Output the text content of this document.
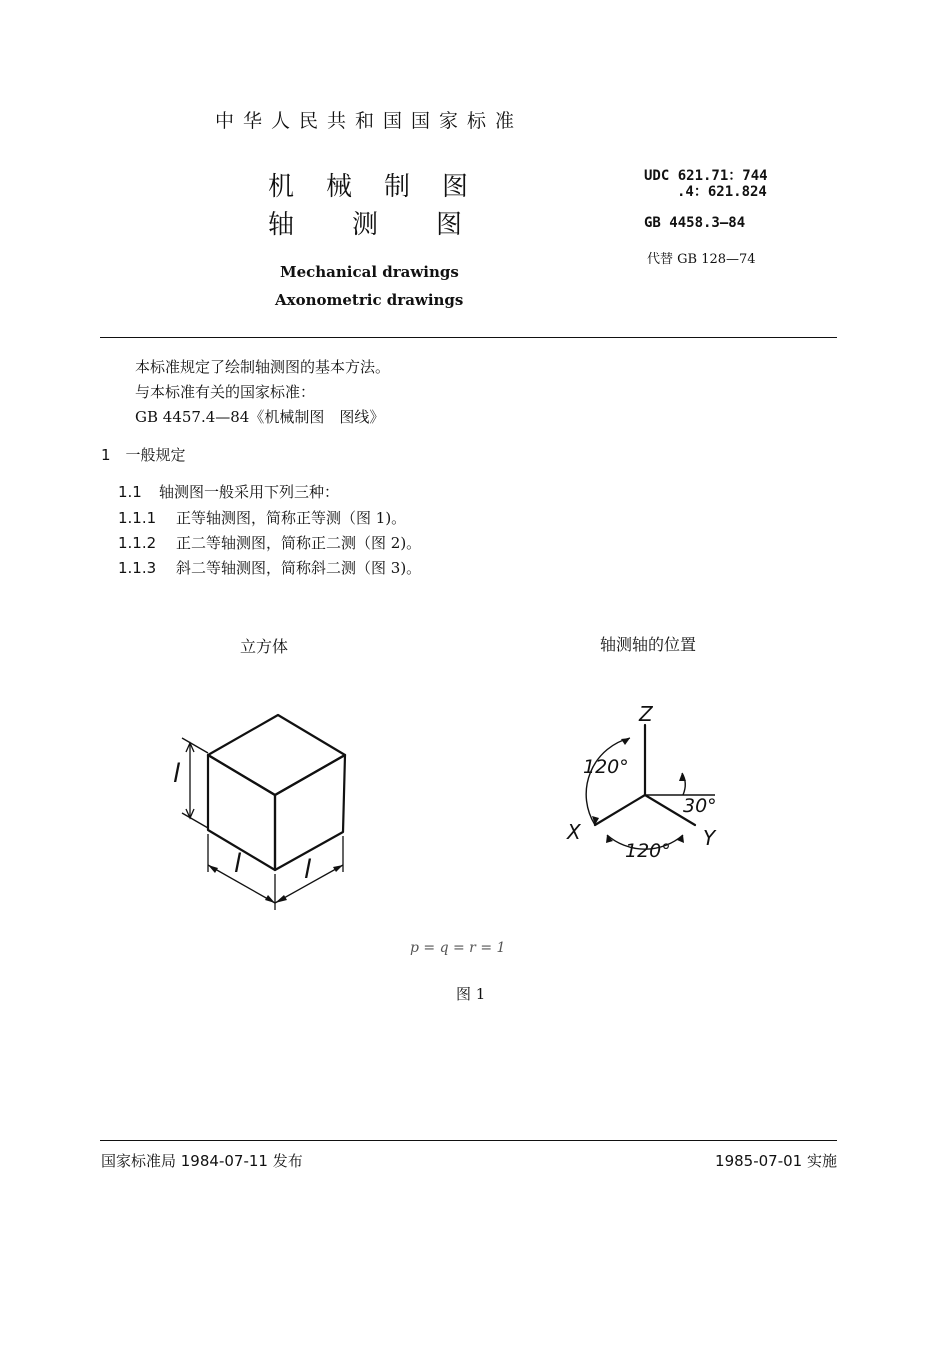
中华人民共和国国家标准
机械制图
轴测图
Mechanical drawings
Axonometric drawings
UDC 621.71：744
.4：621.824
GB 4458.3—84
代替 GB 128—74
本标准规定了绘制轴测图的基本方法。
与本标准有关的国家标准：
GB 4457.4—84《机械制图　图线》
1　一般规定
1.1 轴测图一般采用下列三种：
1.1.1 正等轴测图，简称正等测（图 1)。
1.1.2 正二等轴测图，简称正二测（图 2)。
1.1.3 斜二等轴测图，简称斜二测（图 3)。
立方体	轴测轴的位置
l
l l
Z
X	Y
120°
120°
30°
p = q = r = 1
图 1
国家标准局 1984-07-11 发布	1985-07-01 实施
